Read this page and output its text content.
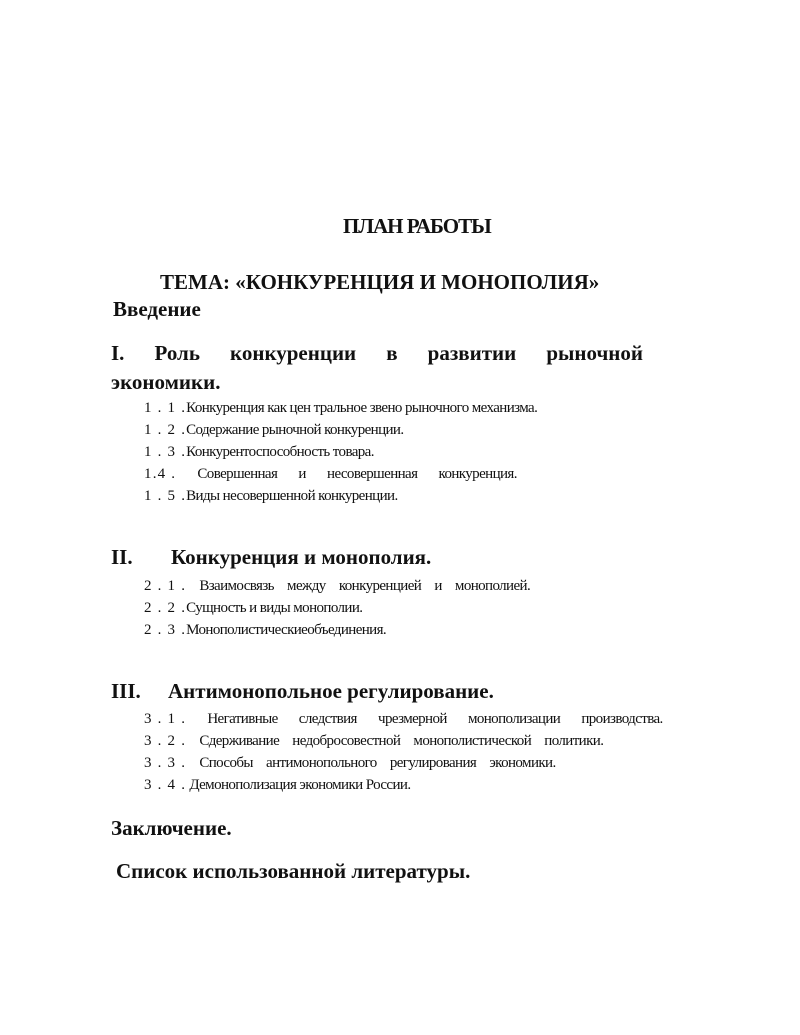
ПЛАН РАБОТЫ
ТЕМА: «КОНКУРЕНЦИЯ И МОНОПОЛИЯ»
Введение
I. Роль конкуренции в развитии рыночной
экономики.
1 . 1 .Конкуренция как цен тральное звено рыночного механизма.
1 . 2 .Содержание рыночной конкуренции.
1 . 3 .Конкурентоспособность товара.
1.4 . Совершенная и несовершенная конкуренция.
1 . 5 .Виды несовершенной конкуренции.
II. Конкуренция и монополия.
2 . 1 . Взаимосвязь между конкуренцией и монополией.
2 . 2 .Сущность и виды монополии.
2 . 3 .Монополистическиеобъединения.
III. Антимонопольное регулирование.
3 . 1 . Негативные следствия чрезмерной монополизации производства.
3 . 2 . Сдерживание недобросовестной монополистической политики.
3 . 3 . Способы антимонопольного регулирования экономики.
3 . 4 . Демонополизация экономики России.
Заключение.
Список использованной литературы.
